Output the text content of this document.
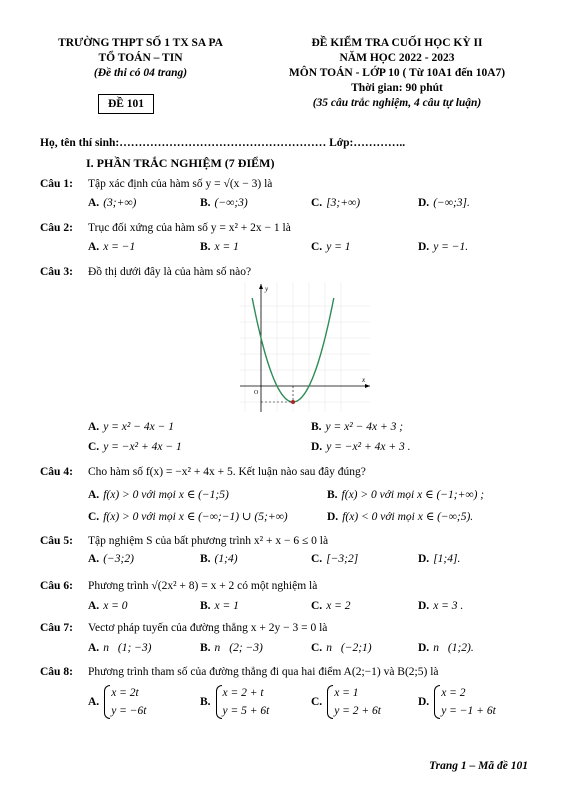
TRƯỜNG THPT SỐ 1 TX SA PA
TỔ TOÁN – TIN
(Đề thi có 04 trang)
ĐỀ 101
ĐỀ KIỂM TRA CUỐI HỌC KỲ II
NĂM HỌC 2022 - 2023
MÔN TOÁN - LỚP 10 ( Từ 10A1 đến 10A7)
Thời gian: 90 phút
(35 câu trắc nghiệm, 4 câu tự luận)
Họ, tên thí sinh:……………………………………………… Lớp:…………..
I. PHẦN TRẮC NGHIỆM (7 ĐIỂM)
Câu 1: Tập xác định của hàm số y = √(x − 3) là
A. (3;+∞)	B. (−∞;3)	C. [3;+∞)	D. (−∞;3].
Câu 2: Trục đối xứng của hàm số y = x² + 2x − 1 là
A. x = −1	B. x = 1	C. y = 1	D. y = −1.
Câu 3: Đồ thị dưới đây là của hàm số nào?
x
y
O
A. y = x² − 4x − 1	B. y = x² − 4x + 3 ;
C. y = −x² + 4x − 1	D. y = −x² + 4x + 3 .
Câu 4: Cho hàm số f(x) = −x² + 4x + 5. Kết luận nào sau đây đúng?
A. f(x) > 0 với mọi x ∈ (−1;5)	B. f(x) > 0 với mọi x ∈ (−1;+∞) ;
C. f(x) > 0 với mọi x ∈ (−∞;−1) ∪ (5;+∞)	D. f(x) < 0 với mọi x ∈ (−∞;5).
Câu 5: Tập nghiệm S của bất phương trình x² + x − 6 ≤ 0 là
A. (−3;2)	B. (1;4)	C. [−3;2]	D. [1;4].
Câu 6: Phương trình √(2x² + 8) = x + 2 có một nghiệm là
A. x = 0	B. x = 1	C. x = 2	D. x = 3 .
Câu 7: Vectơ pháp tuyến của đường thẳng x + 2y − 3 = 0 là
A. n⃗(1; −3)	B. n⃗(2; −3)	C. n⃗(−2;1)	D. n⃗(1;2).
Câu 8: Phương trình tham số của đường thẳng đi qua hai điểm A(2;−1) và B(2;5) là
A.
x = 2t
y = −6t
B.
x = 2 + t
y = 5 + 6t
C.
x = 1
y = 2 + 6t
D.
x = 2
y = −1 + 6t
Trang 1 – Mã đề 101
